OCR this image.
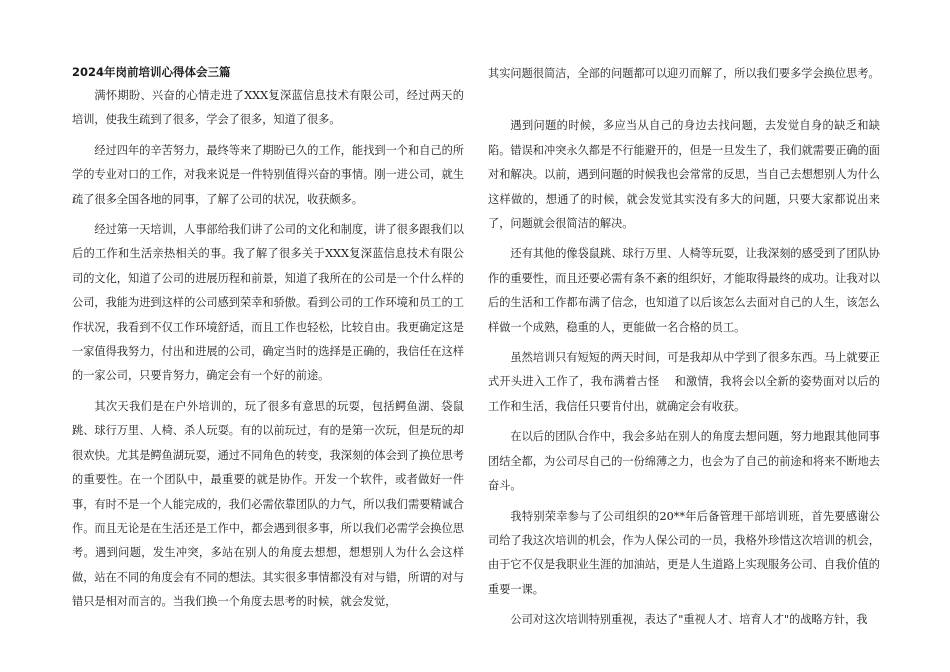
2024年岗前培训心得体会三篇

满怀期盼、兴奋的心情走进了XXX复深蓝信息技术有限公司，经过两天的培训，使我生疏到了很多，学会了很多，知道了很多。

经过四年的辛苦努力，最终等来了期盼已久的工作，能找到一个和自己的所学的专业对口的工作，对我来说是一件特别值得兴奋的事情。刚一进公司，就生疏了很多全国各地的同事，了解了公司的状况，收获颇多。

经过第一天培训，人事部给我们讲了公司的文化和制度，讲了很多跟我们以后的工作和生活亲热相关的事。我了解了很多关于XXX复深蓝信息技术有限公司的文化，知道了公司的进展历程和前景，知道了我所在的公司是一个什么样的公司，我能为进到这样的公司感到荣幸和骄傲。看到公司的工作环境和员工的工作状况，我看到不仅工作环境舒适，而且工作也轻松，比较自由。我更确定这是一家值得我努力，付出和进展的公司，确定当时的选择是正确的，我信任在这样的一家公司，只要肯努力，确定会有一个好的前途。

其次天我们是在户外培训的，玩了很多有意思的玩耍，包括鳄鱼湖、袋鼠跳、球行万里、人椅、杀人玩耍。有的以前玩过，有的是第一次玩，但是玩的却很欢快。尤其是鳄鱼湖玩耍，通过不同角色的转变，我深刻的体会到了换位思考的重要性。在一个团队中，最重要的就是协作。开发一个软件，或者做好一件事，有时不是一个人能完成的，我们必需依靠团队的力气，所以我们需要精诚合作。而且无论是在生活还是工作中，都会遇到很多事，所以我们必需学会换位思考。遇到问题，发生冲突，多站在别人的角度去想想，想想别人为什么会这样做，站在不同的角度会有不同的想法。其实很多事情都没有对与错，所谓的对与错只是相对而言的。当我们换一个角度去思考的时候，就会发觉，

其实问题很简洁，全部的问题都可以迎刃而解了，所以我们要多学会换位思考。

遇到问题的时候，多应当从自己的身边去找问题，去发觉自身的缺乏和缺陷。错误和冲突永久都是不行能避开的，但是一旦发生了，我们就需要正确的面对和解决。以前，遇到问题的时候我也会常常的反思，当自己去想想别人为什么这样做的，想通了的时候，就会发觉其实没有多大的问题，只要大家都说出来了，问题就会很简洁的解决。

还有其他的像袋鼠跳、球行万里、人椅等玩耍，让我深刻的感受到了团队协作的重要性，而且还要必需有条不紊的组织好，才能取得最终的成功。让我对以后的生活和工作都布满了信念，也知道了以后该怎么去面对自己的人生，该怎么样做一个成熟，稳重的人，更能做一名合格的员工。

虽然培训只有短短的两天时间，可是我却从中学到了很多东西。马上就要正式开头进入工作了，我布满着古怪　 和激情，我将会以全新的姿势面对以后的工作和生活，我信任只要肯付出，就确定会有收获。

在以后的团队合作中，我会多站在别人的角度去想问题，努力地跟其他同事团结全都，为公司尽自己的一份绵薄之力，也会为了自己的前途和将来不断地去奋斗。

我特别荣幸参与了公司组织的20**年后备管理干部培训班，首先要感谢公司给了我这次培训的机会，作为人保公司的一员，我格外珍惜这次培训的机会，由于它不仅是我职业生涯的加油站，更是人生道路上实现服务公司、自我价值的重要一课。

公司对这次培训特别重视，表达了"重视人才、培育人才"的战略方针，我
